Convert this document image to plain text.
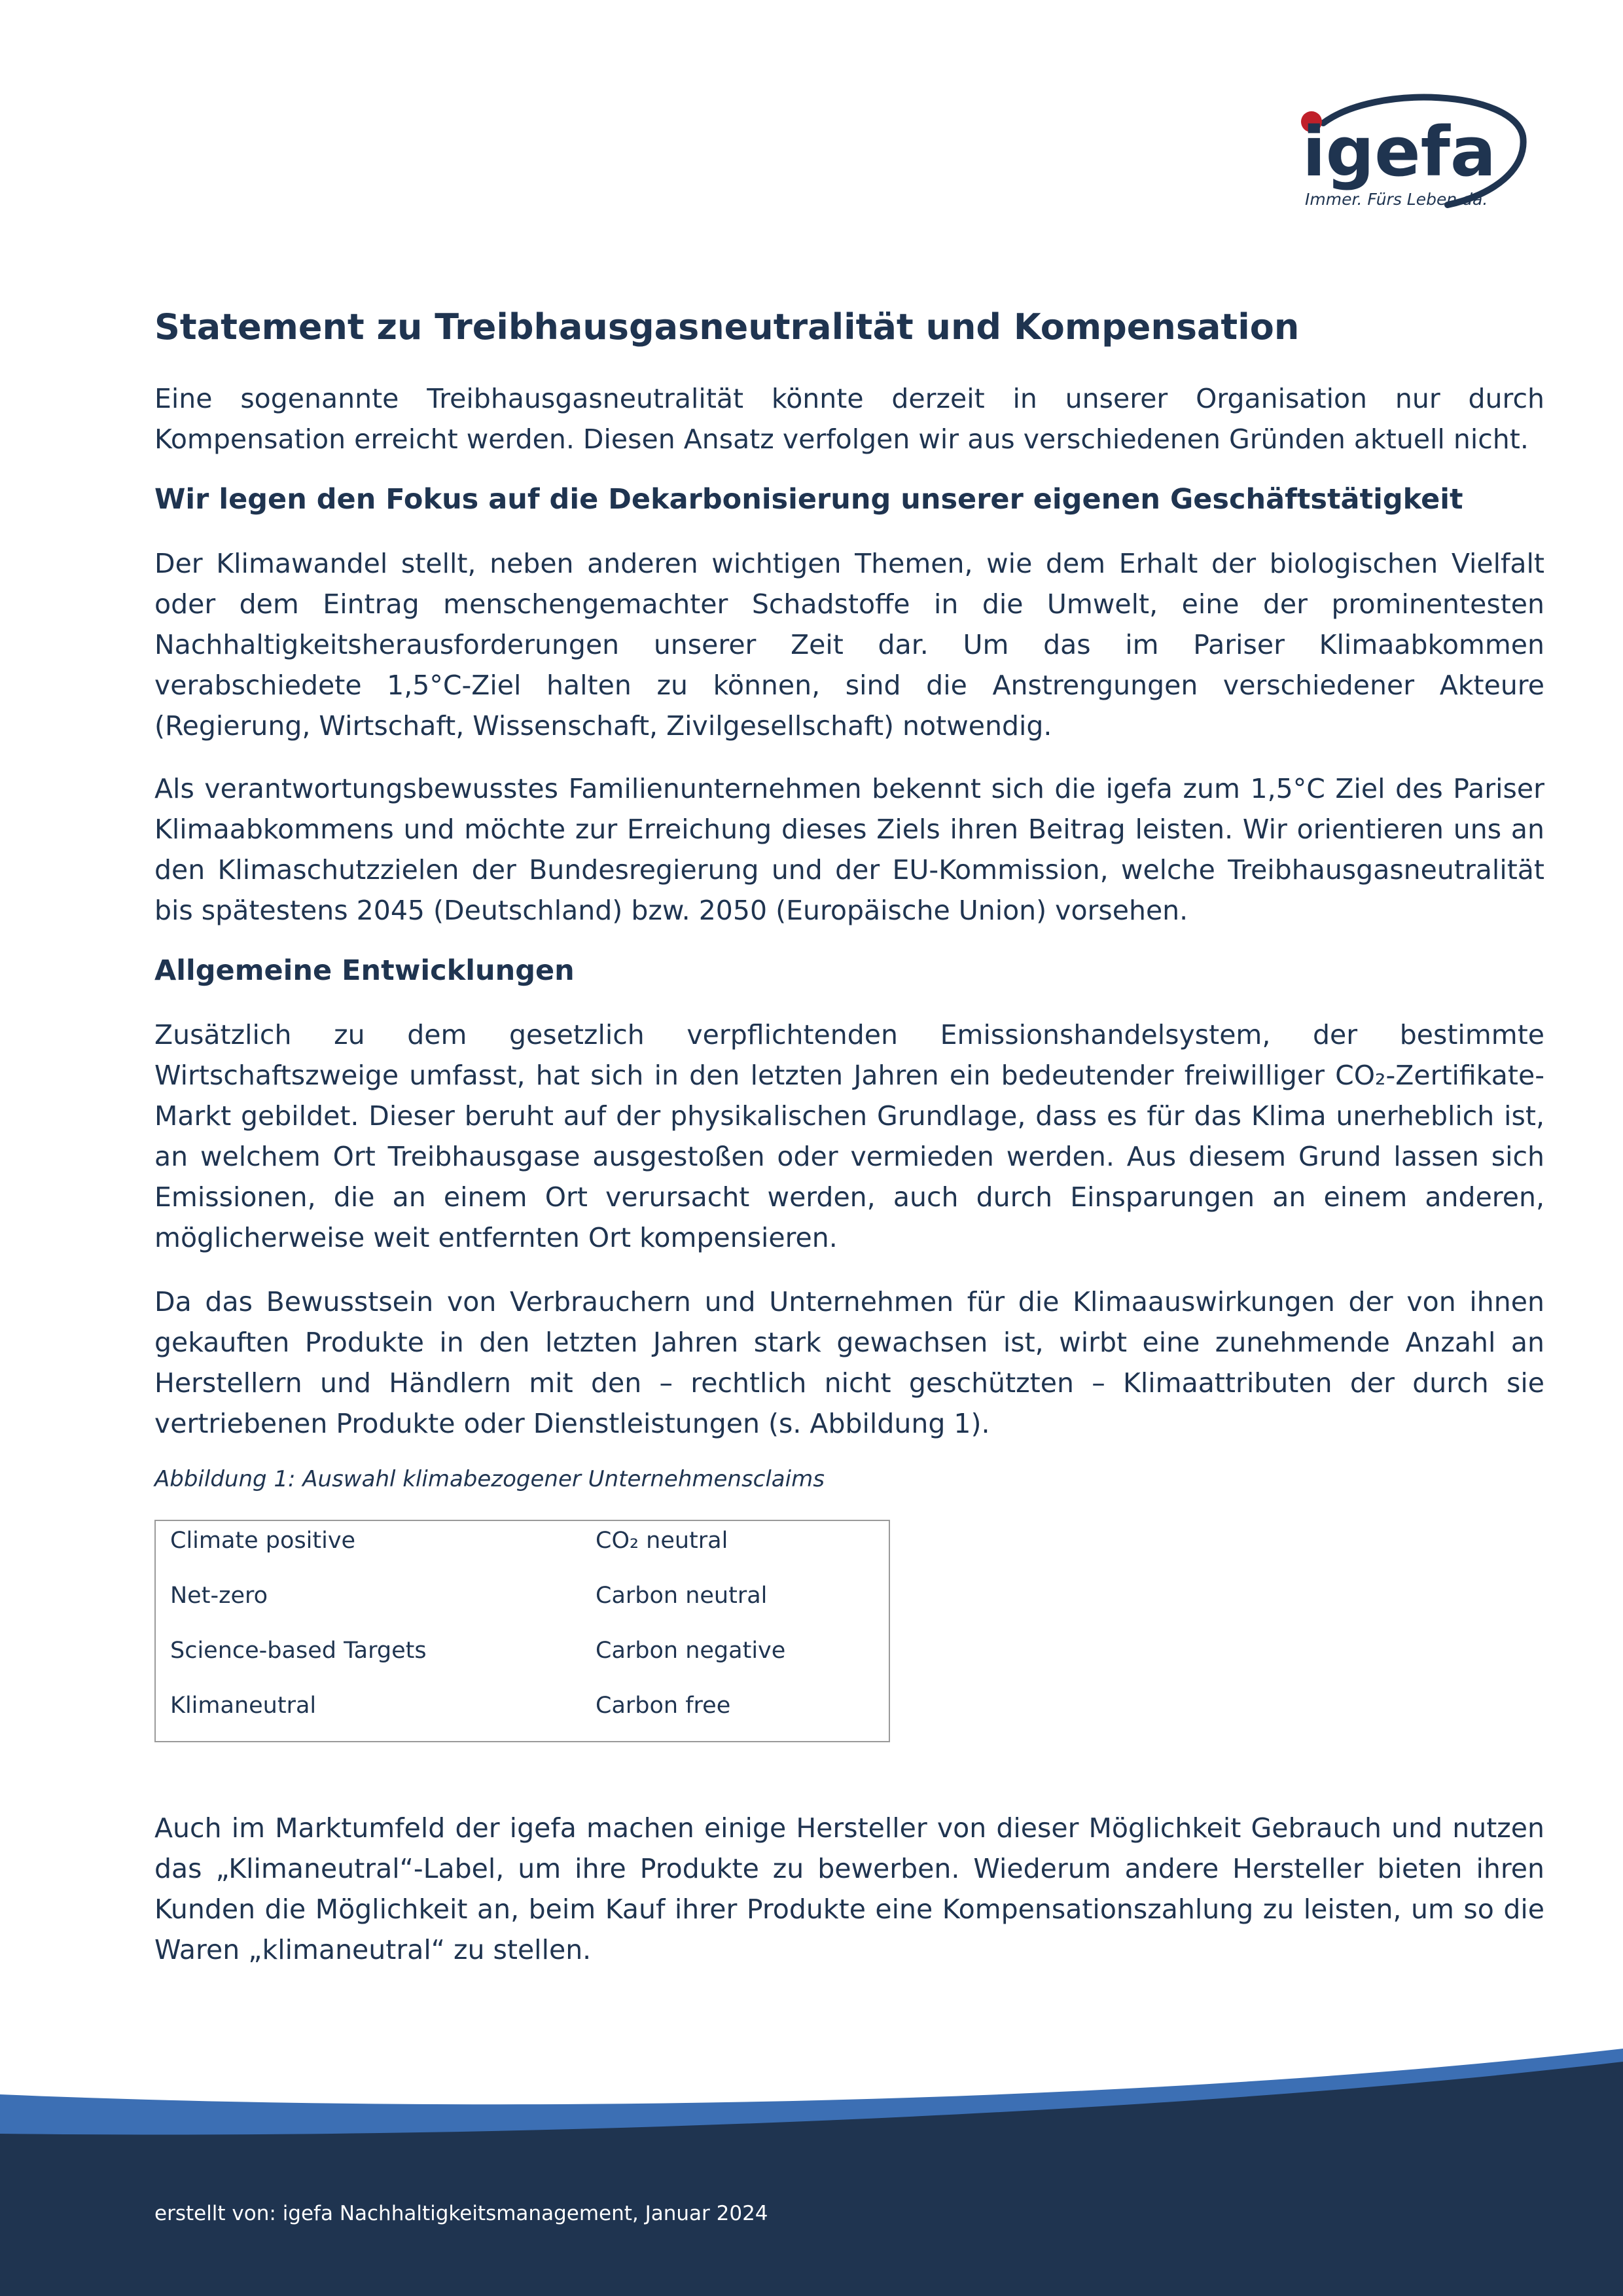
igefa
Immer. Fürs Leben da.
Statement zu Treibhausgasneutralität und Kompensation

Eine sogenannte Treibhausgasneutralität könnte derzeit in unserer Organisation nur durch Kompensation erreicht werden. Diesen Ansatz verfolgen wir aus verschiedenen Gründen aktuell nicht.

Wir legen den Fokus auf die Dekarbonisierung unserer eigenen Geschäftstätigkeit

Der Klimawandel stellt, neben anderen wichtigen Themen, wie dem Erhalt der biologischen Vielfalt oder dem Eintrag menschengemachter Schadstoffe in die Umwelt, eine der prominentesten Nachhaltigkeitsherausforderungen unserer Zeit dar. Um das im Pariser Klimaabkommen verabschiedete 1,5°C-Ziel halten zu können, sind die Anstrengungen verschiedener Akteure (Regierung, Wirtschaft, Wissenschaft, Zivilgesellschaft) notwendig.

Als verantwortungsbewusstes Familienunternehmen bekennt sich die igefa zum 1,5°C Ziel des Pariser Klimaabkommens und möchte zur Erreichung dieses Ziels ihren Beitrag leisten. Wir orientieren uns an den Klimaschutzzielen der Bundesregierung und der EU-Kommission, welche Treibhausgasneutralität bis spätestens 2045 (Deutschland) bzw. 2050 (Europäische Union) vorsehen.

Allgemeine Entwicklungen

Zusätzlich zu dem gesetzlich verpflichtenden Emissionshandelsystem, der bestimmte Wirtschaftszweige umfasst, hat sich in den letzten Jahren ein bedeutender freiwilliger CO₂-Zertifikate-Markt gebildet. Dieser beruht auf der physikalischen Grundlage, dass es für das Klima unerheblich ist, an welchem Ort Treibhausgase ausgestoßen oder vermieden werden. Aus diesem Grund lassen sich Emissionen, die an einem Ort verursacht werden, auch durch Einsparungen an einem anderen, möglicherweise weit entfernten Ort kompensieren.

Da das Bewusstsein von Verbrauchern und Unternehmen für die Klimaauswirkungen der von ihnen gekauften Produkte in den letzten Jahren stark gewachsen ist, wirbt eine zunehmende Anzahl an Herstellern und Händlern mit den – rechtlich nicht geschützten – Klimaattributen der durch sie vertriebenen Produkte oder Dienstleistungen (s. Abbildung 1).

Abbildung 1: Auswahl klimabezogener Unternehmensclaims
Climate positive
Net-zero
Science-based Targets
Klimaneutral
CO₂ neutral
Carbon neutral
Carbon negative
Carbon free

Auch im Marktumfeld der igefa machen einige Hersteller von dieser Möglichkeit Gebrauch und nutzen das „Klimaneutral“-Label, um ihre Produkte zu bewerben. Wiederum andere Hersteller bieten ihren Kunden die Möglichkeit an, beim Kauf ihrer Produkte eine Kompensationszahlung zu leisten, um so die Waren „klimaneutral“ zu stellen.

erstellt von: igefa Nachhaltigkeitsmanagement, Januar 2024
